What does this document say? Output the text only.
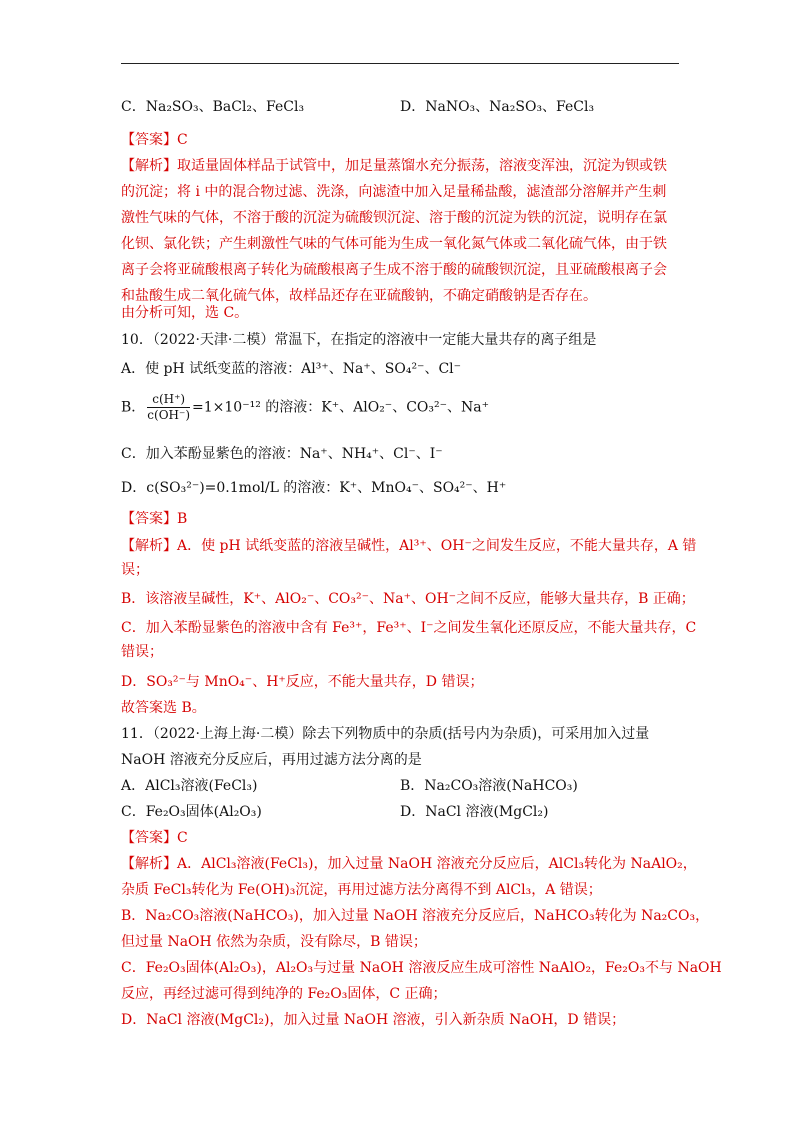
C．Na₂SO₃、BaCl₂、FeCl₃	D．NaNO₃、Na₂SO₃、FeCl₃
【答案】C
【解析】取适量固体样品于试管中，加足量蒸馏水充分振荡，溶液变浑浊，沉淀为钡或铁
的沉淀；将 i 中的混合物过滤、洗涤，向滤渣中加入足量稀盐酸，滤渣部分溶解并产生刺
激性气味的气体，不溶于酸的沉淀为硫酸钡沉淀、溶于酸的沉淀为铁的沉淀，说明存在氯
化钡、氯化铁；产生刺激性气味的气体可能为生成一氧化氮气体或二氧化硫气体，由于铁
离子会将亚硫酸根离子转化为硫酸根离子生成不溶于酸的硫酸钡沉淀，且亚硫酸根离子会
和盐酸生成二氧化硫气体，故样品还存在亚硫酸钠，不确定硝酸钠是否存在。
由分析可知，选 C。
10．（2022·天津·二模）常温下，在指定的溶液中一定能大量共存的离子组是
A．使 pH 试纸变蓝的溶液：Al³⁺、Na⁺、SO₄²⁻、Cl⁻
B． $\frac{c(H^+)}{c(OH^-)} =1\times 10^{-12}$ 的溶液：K⁺、AlO₂⁻、CO₃²⁻、Na⁺
C．加入苯酚显紫色的溶液：Na⁺、NH₄⁺、Cl⁻、I⁻
D．c(SO₃²⁻)=0.1mol/L 的溶液：K⁺、MnO₄⁻、SO₄²⁻、H⁺
【答案】B
【解析】A．使 pH 试纸变蓝的溶液呈碱性，Al³⁺、OH⁻之间发生反应，不能大量共存，A 错
误；
B．该溶液呈碱性，K⁺、AlO₂⁻、CO₃²⁻、Na⁺、OH⁻之间不反应，能够大量共存，B 正确；
C．加入苯酚显紫色的溶液中含有 Fe³⁺，Fe³⁺、I⁻之间发生氧化还原反应，不能大量共存，C
错误；
D．SO₃²⁻与 MnO₄⁻、H⁺反应，不能大量共存，D 错误；
故答案选 B。
11．（2022·上海上海·二模）除去下列物质中的杂质(括号内为杂质)，可采用加入过量
NaOH 溶液充分反应后，再用过滤方法分离的是
A．AlCl₃溶液(FeCl₃)	B．Na₂CO₃溶液(NaHCO₃)
C．Fe₂O₃固体(Al₂O₃)	D．NaCl 溶液(MgCl₂)
【答案】C
【解析】A．AlCl₃溶液(FeCl₃)，加入过量 NaOH 溶液充分反应后，AlCl₃转化为 NaAlO₂，
杂质 FeCl₃转化为 Fe(OH)₃沉淀，再用过滤方法分离得不到 AlCl₃，A 错误；
B．Na₂CO₃溶液(NaHCO₃)，加入过量 NaOH 溶液充分反应后，NaHCO₃转化为 Na₂CO₃，
但过量 NaOH 依然为杂质，没有除尽，B 错误；
C．Fe₂O₃固体(Al₂O₃)，Al₂O₃与过量 NaOH 溶液反应生成可溶性 NaAlO₂，Fe₂O₃不与 NaOH
反应，再经过滤可得到纯净的 Fe₂O₃固体，C 正确；
D．NaCl 溶液(MgCl₂)，加入过量 NaOH 溶液，引入新杂质 NaOH，D 错误；
